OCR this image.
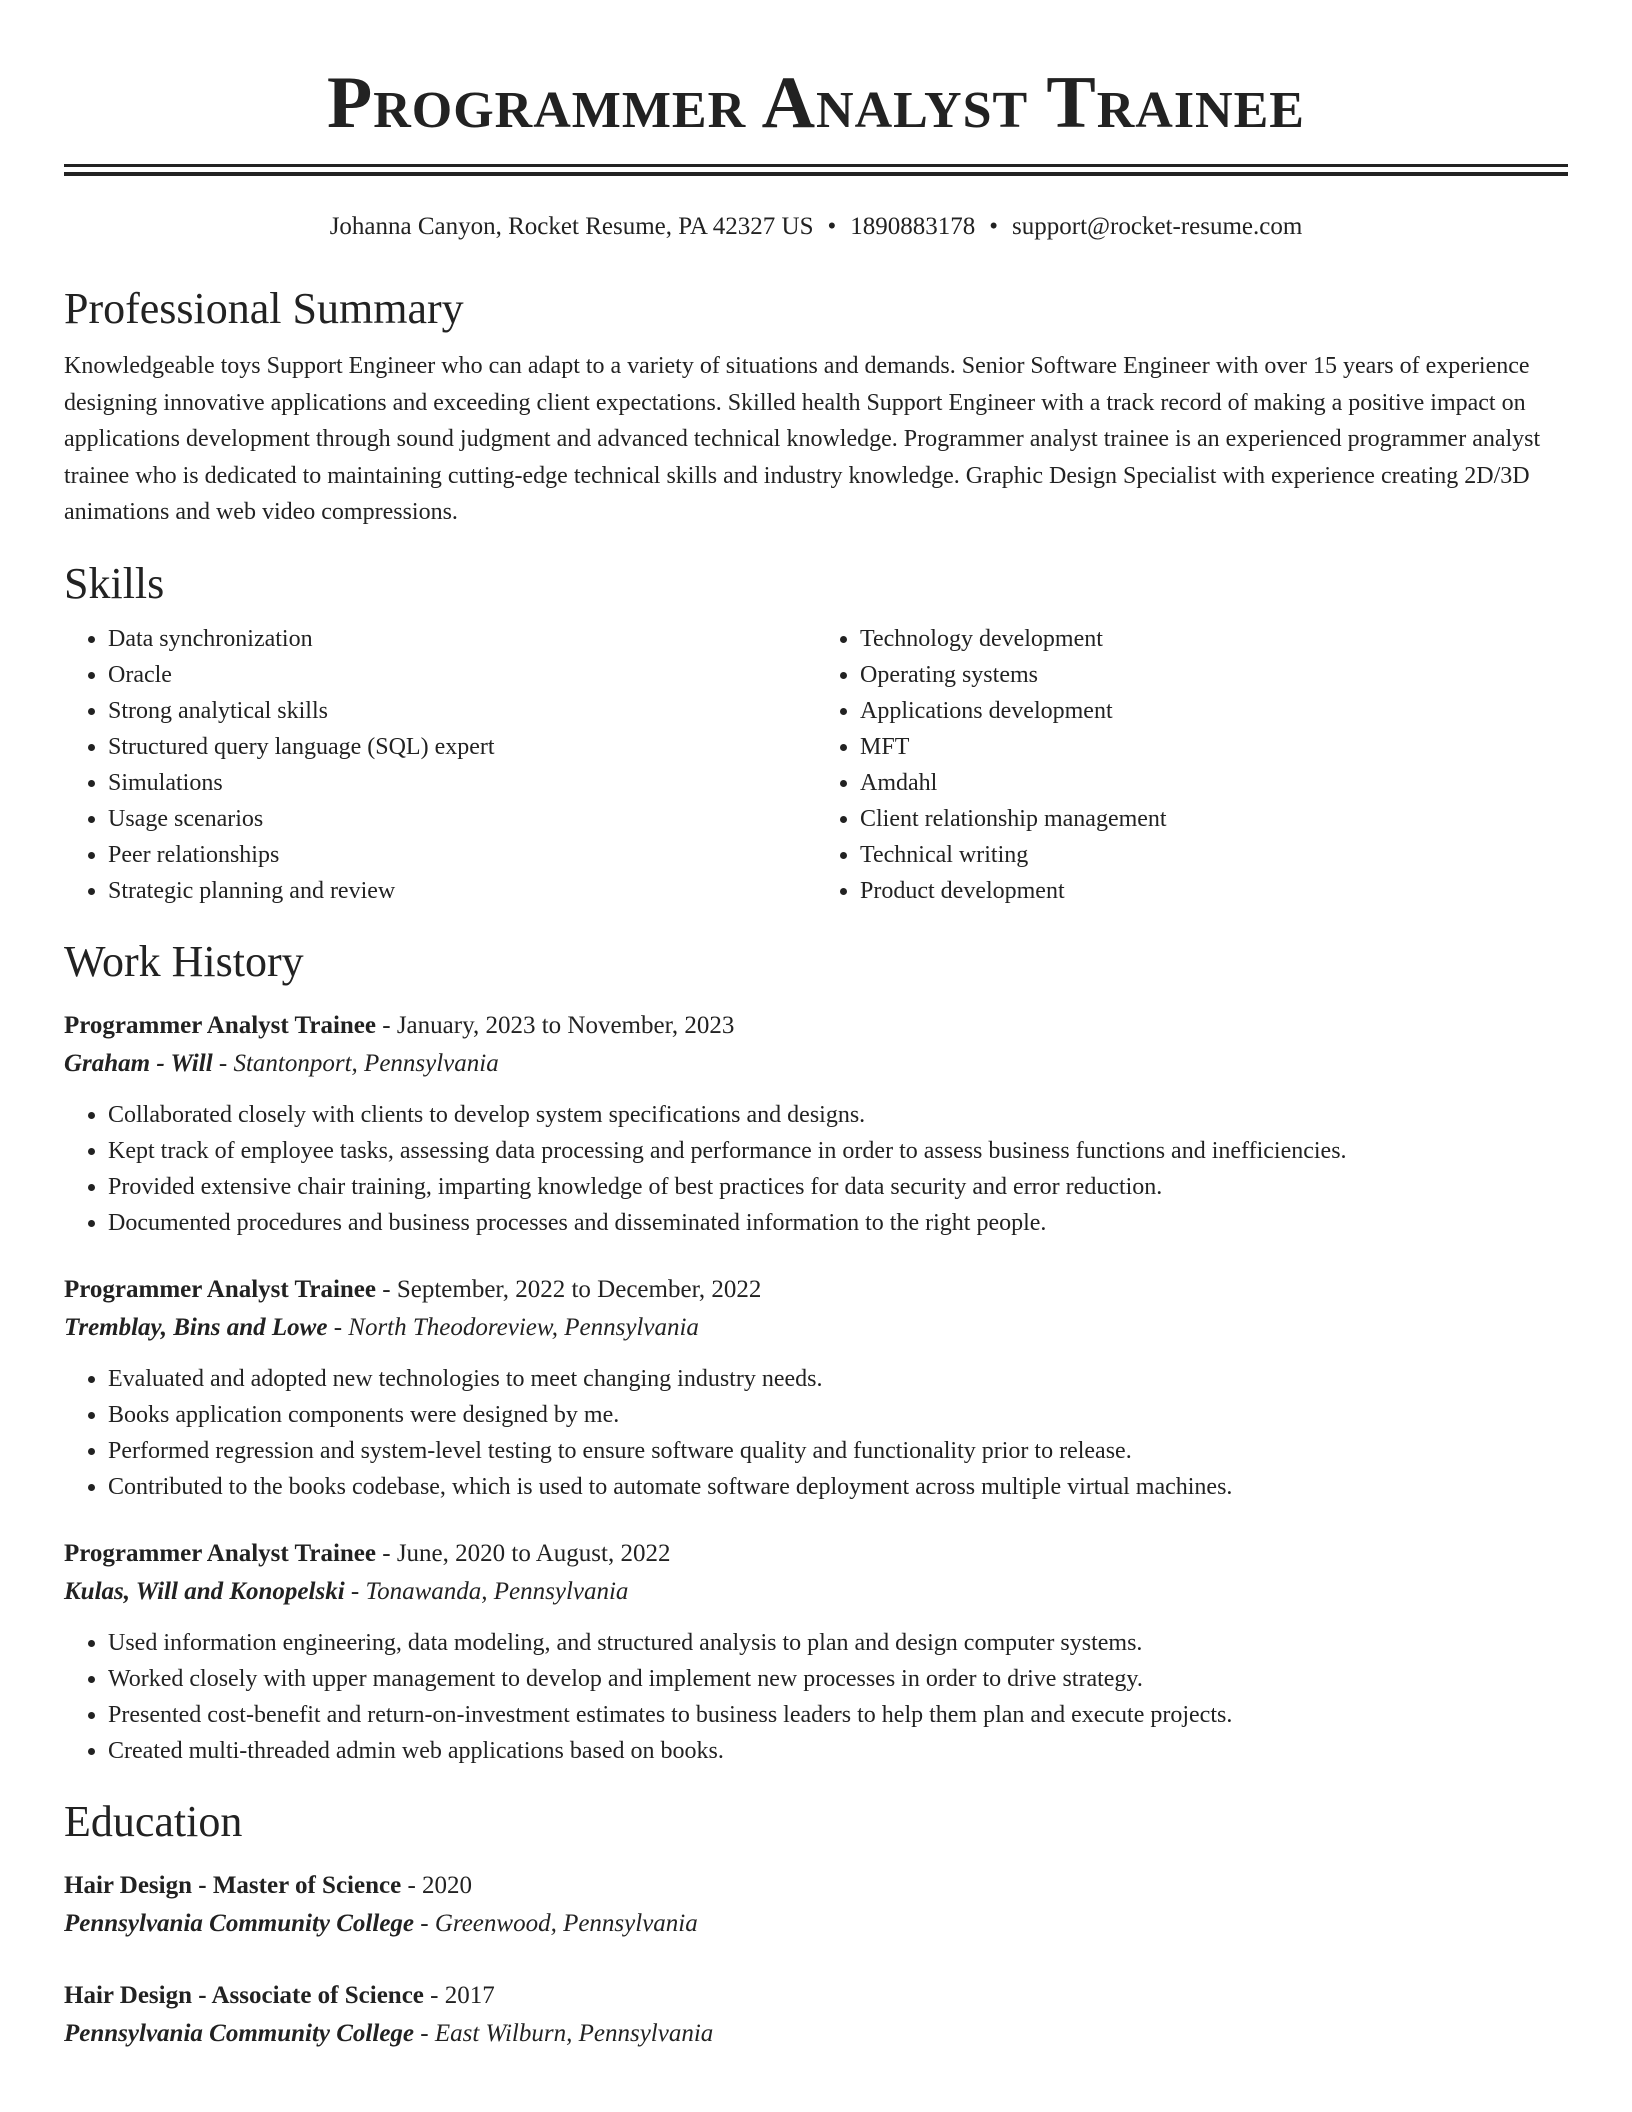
Programmer Analyst Trainee
Johanna Canyon, Rocket Resume, PA 42327 US • 1890883178 • support@rocket-resume.com
Professional Summary

Knowledgeable toys Support Engineer who can adapt to a variety of situations and demands. Senior Software Engineer with over 15 years of experience designing innovative applications and exceeding client expectations. Skilled health Support Engineer with a track record of making a positive impact on applications development through sound judgment and advanced technical knowledge. Programmer analyst trainee is an experienced programmer analyst trainee who is dedicated to maintaining cutting-edge technical skills and industry knowledge. Graphic Design Specialist with experience creating 2D/3D animations and web video compressions.

Skills
• Data synchronization
• Oracle
• Strong analytical skills
• Structured query language (SQL) expert
• Simulations
• Usage scenarios
• Peer relationships
• Strategic planning and review
• Technology development
• Operating systems
• Applications development
• MFT
• Amdahl
• Client relationship management
• Technical writing
• Product development
Work History
Programmer Analyst Trainee - January, 2023 to November, 2023
Graham - Will - Stantonport, Pennsylvania
• Collaborated closely with clients to develop system specifications and designs.
• Kept track of employee tasks, assessing data processing and performance in order to assess business functions and inefficiencies.
• Provided extensive chair training, imparting knowledge of best practices for data security and error reduction.
• Documented procedures and business processes and disseminated information to the right people.
Programmer Analyst Trainee - September, 2022 to December, 2022
Tremblay, Bins and Lowe - North Theodoreview, Pennsylvania
• Evaluated and adopted new technologies to meet changing industry needs.
• Books application components were designed by me.
• Performed regression and system-level testing to ensure software quality and functionality prior to release.
• Contributed to the books codebase, which is used to automate software deployment across multiple virtual machines.
Programmer Analyst Trainee - June, 2020 to August, 2022
Kulas, Will and Konopelski - Tonawanda, Pennsylvania
• Used information engineering, data modeling, and structured analysis to plan and design computer systems.
• Worked closely with upper management to develop and implement new processes in order to drive strategy.
• Presented cost-benefit and return-on-investment estimates to business leaders to help them plan and execute projects.
• Created multi-threaded admin web applications based on books.
Education
Hair Design - Master of Science - 2020
Pennsylvania Community College - Greenwood, Pennsylvania
Hair Design - Associate of Science - 2017
Pennsylvania Community College - East Wilburn, Pennsylvania
